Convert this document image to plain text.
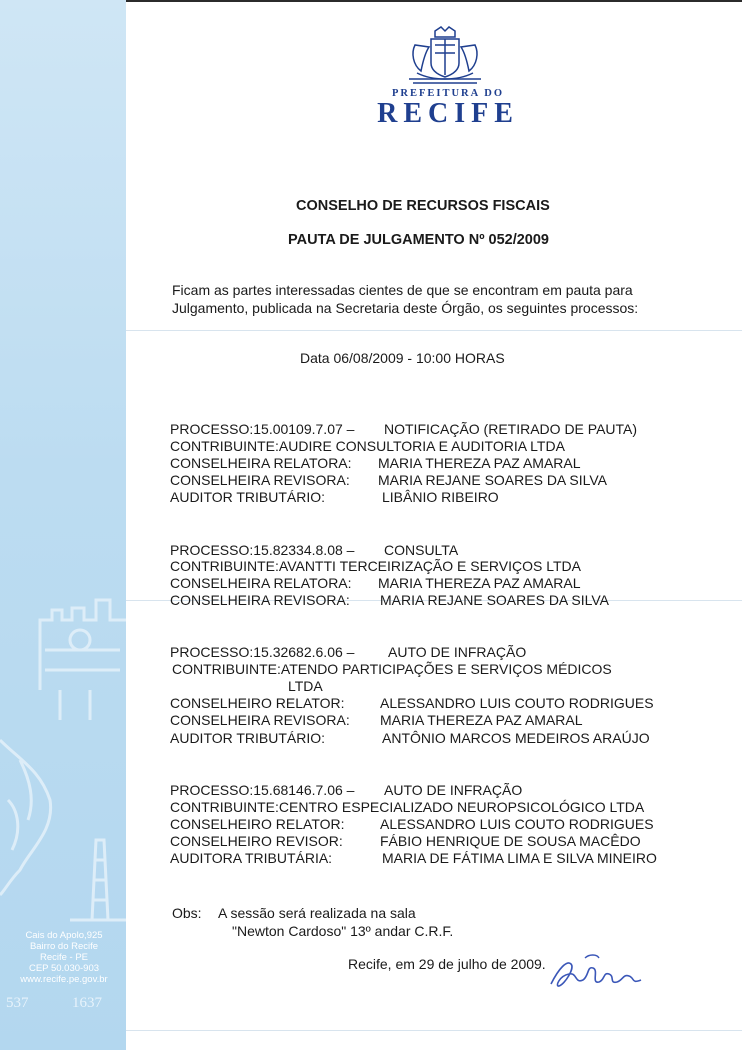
Cais do Apolo,925
Bairro do Recife
Recife - PE
CEP 50.030-903
www.recife.pe.gov.br
537	1637
PREFEITURA DO
RECIFE
CONSELHO DE RECURSOS FISCAIS
PAUTA DE JULGAMENTO Nº 052/2009
Ficam as partes interessadas cientes de que se encontram em pauta para
Julgamento, publicada na Secretaria deste Órgão, os seguintes processos:
Data 06/08/2009 - 10:00 HORAS
PROCESSO:15.00109.7.07 – NOTIFICAÇÃO (RETIRADO DE PAUTA)
CONTRIBUINTE:AUDIRE CONSULTORIA E AUDITORIA LTDA
CONSELHEIRA RELATORA: MARIA THEREZA PAZ AMARAL
CONSELHEIRA REVISORA: MARIA REJANE SOARES DA SILVA
AUDITOR TRIBUTÁRIO:	LIBÂNIO RIBEIRO
PROCESSO:15.82334.8.08 – CONSULTA
CONTRIBUINTE:AVANTTI TERCEIRIZAÇÃO E SERVIÇOS LTDA
CONSELHEIRA RELATORA: MARIA THEREZA PAZ AMARAL
CONSELHEIRA REVISORA: MARIA REJANE SOARES DA SILVA
PROCESSO:15.32682.6.06 – AUTO DE INFRAÇÃO
CONTRIBUINTE:ATENDO PARTICIPAÇÕES E SERVIÇOS MÉDICOS
LTDA
CONSELHEIRO RELATOR:	ALESSANDRO LUIS COUTO RODRIGUES
CONSELHEIRA REVISORA: MARIA THEREZA PAZ AMARAL
AUDITOR TRIBUTÁRIO:	ANTÔNIO MARCOS MEDEIROS ARAÚJO
PROCESSO:15.68146.7.06 – AUTO DE INFRAÇÃO
CONTRIBUINTE:CENTRO ESPECIALIZADO NEUROPSICOLÓGICO LTDA
CONSELHEIRO RELATOR:	ALESSANDRO LUIS COUTO RODRIGUES
CONSELHEIRO REVISOR:	FÁBIO HENRIQUE DE SOUSA MACÊDO
AUDITORA TRIBUTÁRIA:	MARIA DE FÁTIMA LIMA E SILVA MINEIRO
Obs: A sessão será realizada na sala
"Newton Cardoso" 13º andar C.R.F.
Recife, em 29 de julho de 2009.
